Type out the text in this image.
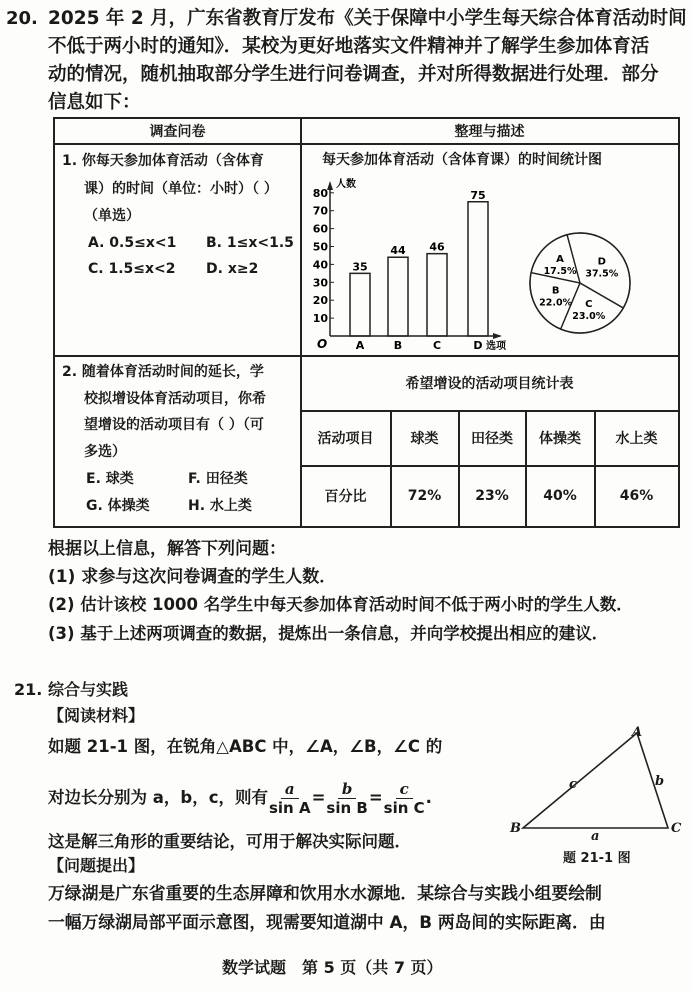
20. 2025 年 2 月，广东省教育厅发布《关于保障中小学生每天综合体育活动时间
不低于两小时的通知》．某校为更好地落实文件精神并了解学生参加体育活
动的情况，随机抽取部分学生进行问卷调查，并对所得数据进行处理．部分
信息如下：
调查问卷	整理与描述
1. 你每天参加体育活动（含体育
课）的时间（单位：小时）（ ）
（单选）
A. 0.5≤x<1 B. 1≤x<1.5
C. 1.5≤x<2 D. x≥2
每天参加体育活动（含体育课）的时间统计图
人数
选项
O
10
20
30
40
50
60
70
80
35
A
44
B
46
C
75
D
D
37.5%
C
23.0%
B
22.0%
A
17.5%
2. 随着体育活动时间的延长，学
校拟增设体育活动项目，你希
望增设的活动项目有（ ）（可
多选）
E. 球类	F. 田径类
G. 体操类	H. 水上类
希望增设的活动项目统计表
活动项目	球类	田径类	体操类	水上类
百分比	72%	23%	40%	46%
根据以上信息，解答下列问题：
(1) 求参与这次问卷调查的学生人数．
(2) 估计该校 1000 名学生中每天参加体育活动时间不低于两小时的学生人数．
(3) 基于上述两项调查的数据，提炼出一条信息，并向学校提出相应的建议．
21. 综合与实践
【阅读材料】
如题 21-1 图，在锐角△ABC 中，∠A，∠B，∠C 的
对边长分别为 a，b，c，则有 $\frac{a}{\text{sin A}} = \frac{b}{\text{sin B}} = \frac{c}{\text{sin C}}$ .
这是解三角形的重要结论，可用于解决实际问题．
【问题提出】
万绿湖是广东省重要的生态屏障和饮用水水源地．某综合与实践小组要绘制
一幅万绿湖局部平面示意图，现需要知道湖中 A，B 两岛间的实际距离．由
A
B	C
a
b
c
题 21-1 图
数学试题　第 5 页（共 7 页）
